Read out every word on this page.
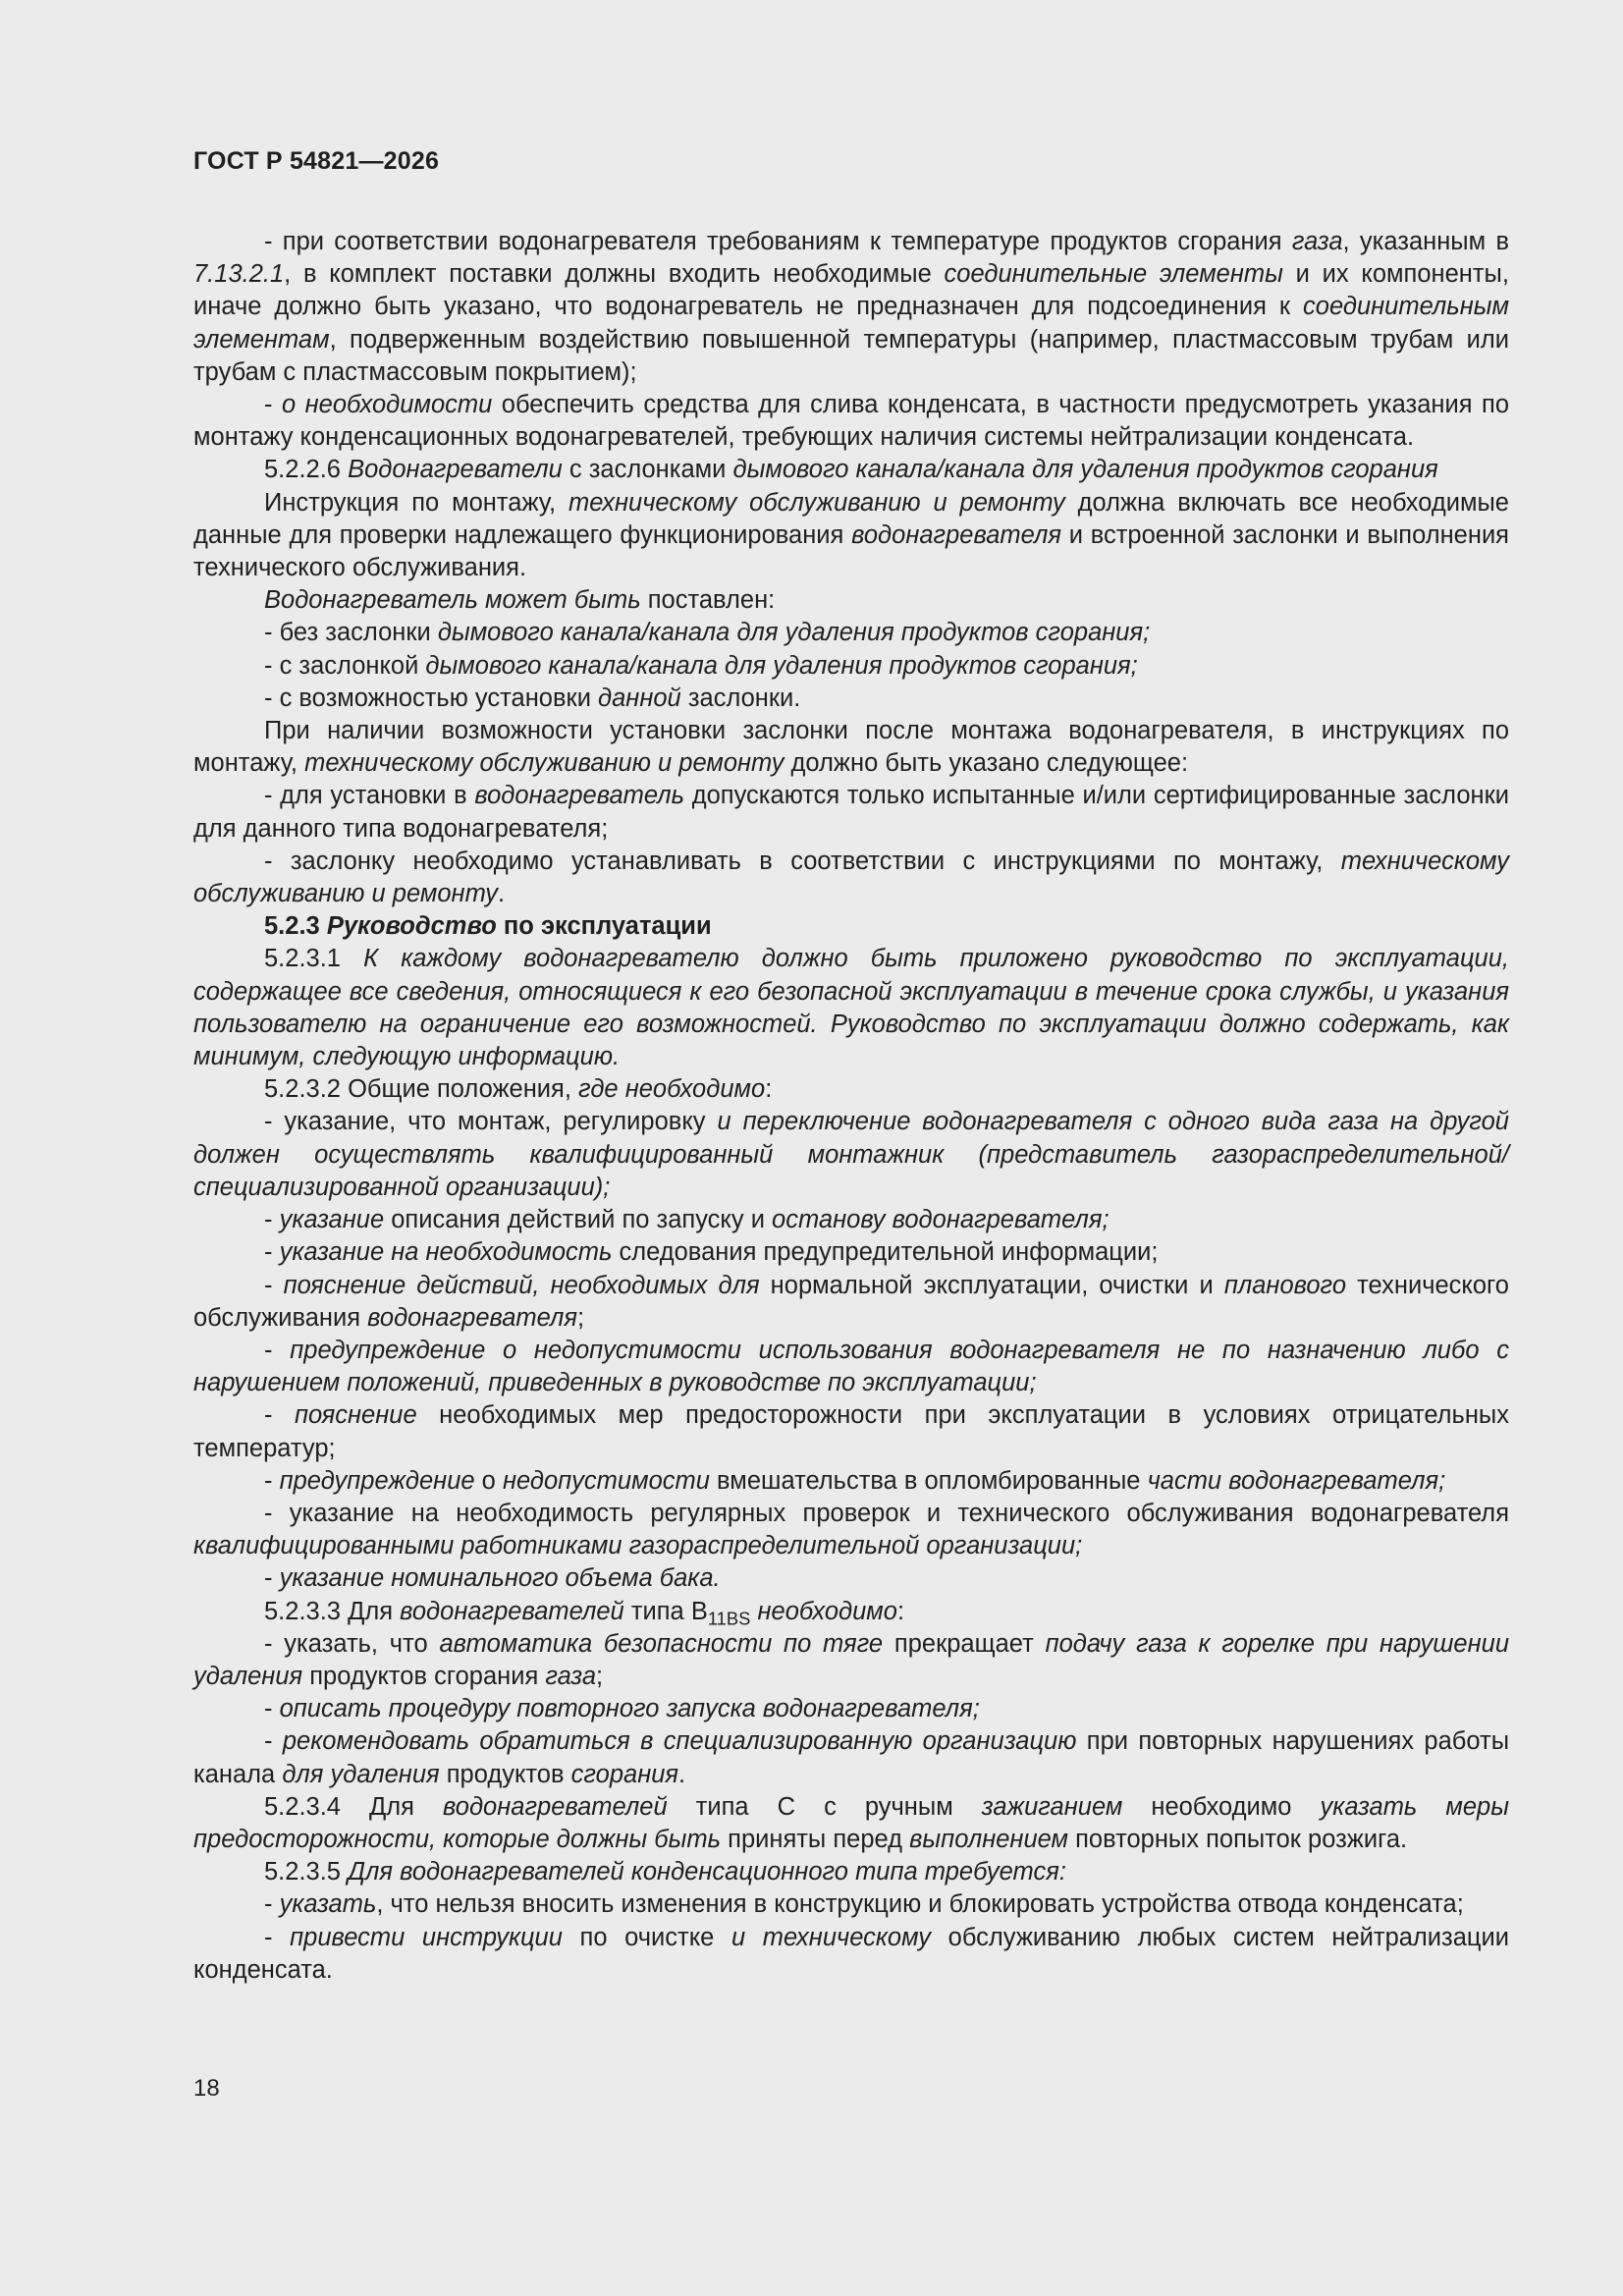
ГОСТ Р 54821—2026

- при соответствии водонагревателя требованиям к температуре продуктов сгорания газа, указанным в 7.13.2.1, в комплект поставки должны входить необходимые соединительные элементы и их компоненты, иначе должно быть указано, что водонагреватель не предназначен для подсоединения к соединительным элементам, подверженным воздействию повышенной температуры (например, пластмассовым трубам или трубам с пластмассовым покрытием);

- о необходимости обеспечить средства для слива конденсата, в частности предусмотреть указания по монтажу конденсационных водонагревателей, требующих наличия системы нейтрализации конденсата.

5.2.2.6 Водонагреватели с заслонками дымового канала/канала для удаления продуктов сгорания

Инструкция по монтажу, техническому обслуживанию и ремонту должна включать все необходимые данные для проверки надлежащего функционирования водонагревателя и встроенной заслонки и выполнения технического обслуживания.

Водонагреватель может быть поставлен:

- без заслонки дымового канала/канала для удаления продуктов сгорания;

- с заслонкой дымового канала/канала для удаления продуктов сгорания;

- с возможностью установки данной заслонки.

При наличии возможности установки заслонки после монтажа водонагревателя, в инструкциях по монтажу, техническому обслуживанию и ремонту должно быть указано следующее:

- для установки в водонагреватель допускаются только испытанные и/или сертифицированные заслонки для данного типа водонагревателя;

- заслонку необходимо устанавливать в соответствии с инструкциями по монтажу, техническому обслуживанию и ремонту.

5.2.3 Руководство по эксплуатации

5.2.3.1 К каждому водонагревателю должно быть приложено руководство по эксплуатации, содержащее все сведения, относящиеся к его безопасной эксплуатации в течение срока службы, и указания пользователю на ограничение его возможностей. Руководство по эксплуатации должно содержать, как минимум, следующую информацию.

5.2.3.2 Общие положения, где необходимо:

- указание, что монтаж, регулировку и переключение водонагревателя с одного вида газа на другой должен осуществлять квалифицированный монтажник (представитель газораспределительной/специализированной организации);

- указание описания действий по запуску и останову водонагревателя;

- указание на необходимость следования предупредительной информации;

- пояснение действий, необходимых для нормальной эксплуатации, очистки и планового технического обслуживания водонагревателя;

- предупреждение о недопустимости использования водонагревателя не по назначению либо с нарушением положений, приведенных в руководстве по эксплуатации;

- пояснение необходимых мер предосторожности при эксплуатации в условиях отрицательных температур;

- предупреждение о недопустимости вмешательства в опломбированные части водонагревателя;

- указание на необходимость регулярных проверок и технического обслуживания водонагревателя квалифицированными работниками газораспределительной организации;

- указание номинального объема бака.

5.2.3.3 Для водонагревателей типа $В_{11BS}$ необходимо:

- указать, что автоматика безопасности по тяге прекращает подачу газа к горелке при нарушении удаления продуктов сгорания газа;

- описать процедуру повторного запуска водонагревателя;

- рекомендовать обратиться в специализированную организацию при повторных нарушениях работы канала для удаления продуктов сгорания.

5.2.3.4 Для водонагревателей типа С с ручным зажиганием необходимо указать меры предосторожности, которые должны быть приняты перед выполнением повторных попыток розжига.

5.2.3.5 Для водонагревателей конденсационного типа требуется:

- указать, что нельзя вносить изменения в конструкцию и блокировать устройства отвода конденсата;

- привести инструкции по очистке и техническому обслуживанию любых систем нейтрализации конденсата.

18
